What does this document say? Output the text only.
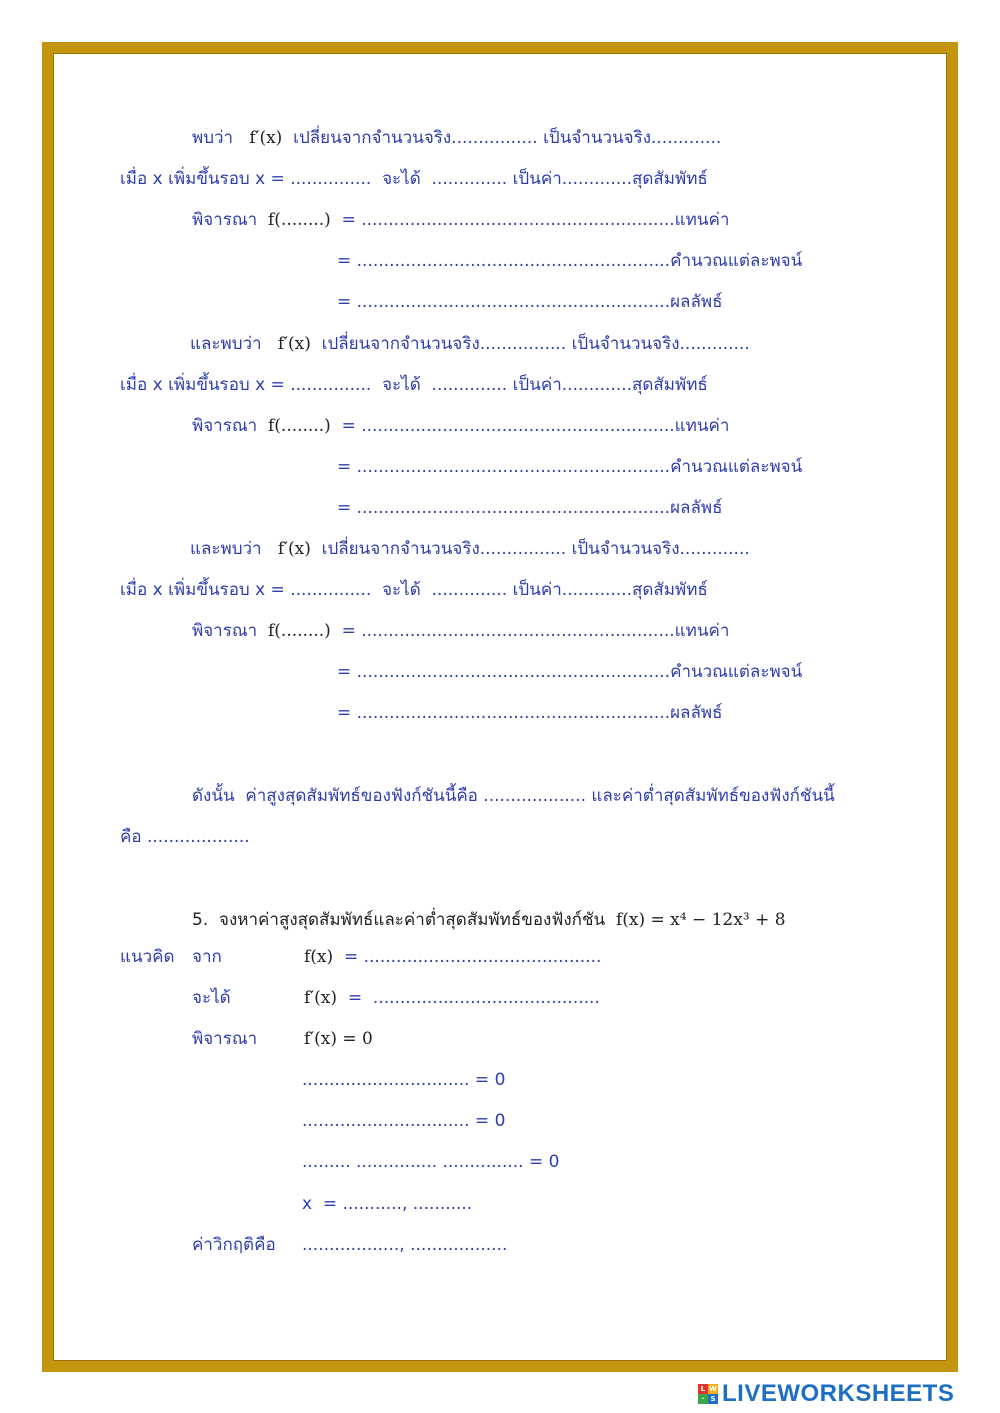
พบว่า f′(x) เปลี่ยนจากจำนวนจริง................ เป็นจำนวนจริง.............
เมื่อ x เพิ่มขึ้นรอบ x = ...............  จะได้  .............. เป็นค่า.............สุดสัมพัทธ์
พิจารณา f(........) = ..........................................................แทนค่า
= ..........................................................คำนวณแต่ละพจน์
= ..........................................................ผลลัพธ์
และพบว่า f′(x) เปลี่ยนจากจำนวนจริง................ เป็นจำนวนจริง.............
เมื่อ x เพิ่มขึ้นรอบ x = ...............  จะได้  .............. เป็นค่า.............สุดสัมพัทธ์
พิจารณา f(........) = ..........................................................แทนค่า
= ..........................................................คำนวณแต่ละพจน์
= ..........................................................ผลลัพธ์
และพบว่า f′(x) เปลี่ยนจากจำนวนจริง................ เป็นจำนวนจริง.............
เมื่อ x เพิ่มขึ้นรอบ x = ...............  จะได้  .............. เป็นค่า.............สุดสัมพัทธ์
พิจารณา f(........) = ..........................................................แทนค่า
= ..........................................................คำนวณแต่ละพจน์
= ..........................................................ผลลัพธ์
ดังนั้น  ค่าสูงสุดสัมพัทธ์ของฟังก์ชันนี้คือ ................... และค่าต่ำสุดสัมพัทธ์ของฟังก์ชันนี้
คือ ...................
5.  จงหาค่าสูงสุดสัมพัทธ์และค่าต่ำสุดสัมพัทธ์ของฟังก์ชัน f(x) = x⁴ − 12x³ + 8
แนวคิด จาก	f(x) = ............................................
จะได้	f′(x) =  ..........................................
พิจารณา	f′(x) = 0
............................... = 0
............................... = 0
......... ............... ............... = 0
x  = ..........., ...........
ค่าวิกฤติคือ .................., ..................
L W
· S LIVEWORKSHEETS
